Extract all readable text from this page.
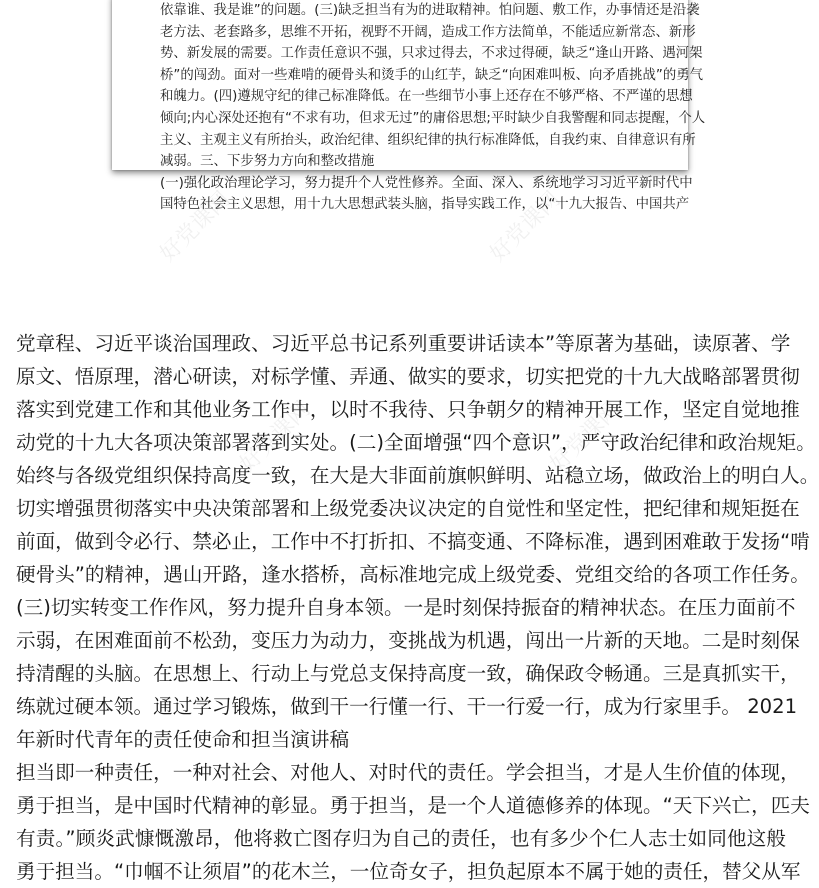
依靠谁、我是谁”的问题。(三)缺乏担当有为的进取精神。怕问题、敷工作，办事情还是沿袭
老方法、老套路多，思维不开拓，视野不开阔，造成工作方法简单，不能适应新常态、新形
势、新发展的需要。工作责任意识不强，只求过得去，不求过得硬，缺乏“逢山开路、遇河架
桥”的闯劲。面对一些难啃的硬骨头和烫手的山红芋，缺乏“向困难叫板、向矛盾挑战”的勇气
和魄力。(四)遵规守纪的律己标准降低。在一些细节小事上还存在不够严格、不严谨的思想
倾向;内心深处还抱有“不求有功，但求无过”的庸俗思想;平时缺少自我警醒和同志提醒，个人
主义、主观主义有所抬头，政治纪律、组织纪律的执行标准降低，自我约束、自律意识有所
减弱。三、下步努力方向和整改措施
(一)强化政治理论学习，努力提升个人党性修养。全面、深入、系统地学习习近平新时代中
国特色社会主义思想，用十九大思想武装头脑，指导实践工作，以“十九大报告、中国共产
党章程、习近平谈治国理政、习近平总书记系列重要讲话读本”等原著为基础，读原著、学
原文、悟原理，潜心研读，对标学懂、弄通、做实的要求，切实把党的十九大战略部署贯彻
落实到党建工作和其他业务工作中，以时不我待、只争朝夕的精神开展工作，坚定自觉地推
动党的十九大各项决策部署落到实处。(二)全面增强“四个意识”，严守政治纪律和政治规矩。
始终与各级党组织保持高度一致，在大是大非面前旗帜鲜明、站稳立场，做政治上的明白人。
切实增强贯彻落实中央决策部署和上级党委决议决定的自觉性和坚定性，把纪律和规矩挺在
前面，做到令必行、禁必止，工作中不打折扣、不搞变通、不降标准，遇到困难敢于发扬“啃
硬骨头”的精神，遇山开路，逢水搭桥，高标准地完成上级党委、党组交给的各项工作任务。
(三)切实转变工作作风，努力提升自身本领。一是时刻保持振奋的精神状态。在压力面前不
示弱，在困难面前不松劲，变压力为动力，变挑战为机遇，闯出一片新的天地。二是时刻保
持清醒的头脑。在思想上、行动上与党总支保持高度一致，确保政令畅通。三是真抓实干，
练就过硬本领。通过学习锻炼，做到干一行懂一行、干一行爱一行，成为行家里手。 2021
年新时代青年的责任使命和担当演讲稿
担当即一种责任，一种对社会、对他人、对时代的责任。学会担当，才是人生价值的体现，
勇于担当，是中国时代精神的彰显。勇于担当，是一个人道德修养的体现。“天下兴亡，匹夫
有责。”顾炎武慷慨激昂，他将救亡图存归为自己的责任，也有多少个仁人志士如同他这般
勇于担当。“巾帼不让须眉”的花木兰，一位奇女子，担负起原本不属于她的责任，替父从军
好党课网	好党课网
好党课网	好党课网
